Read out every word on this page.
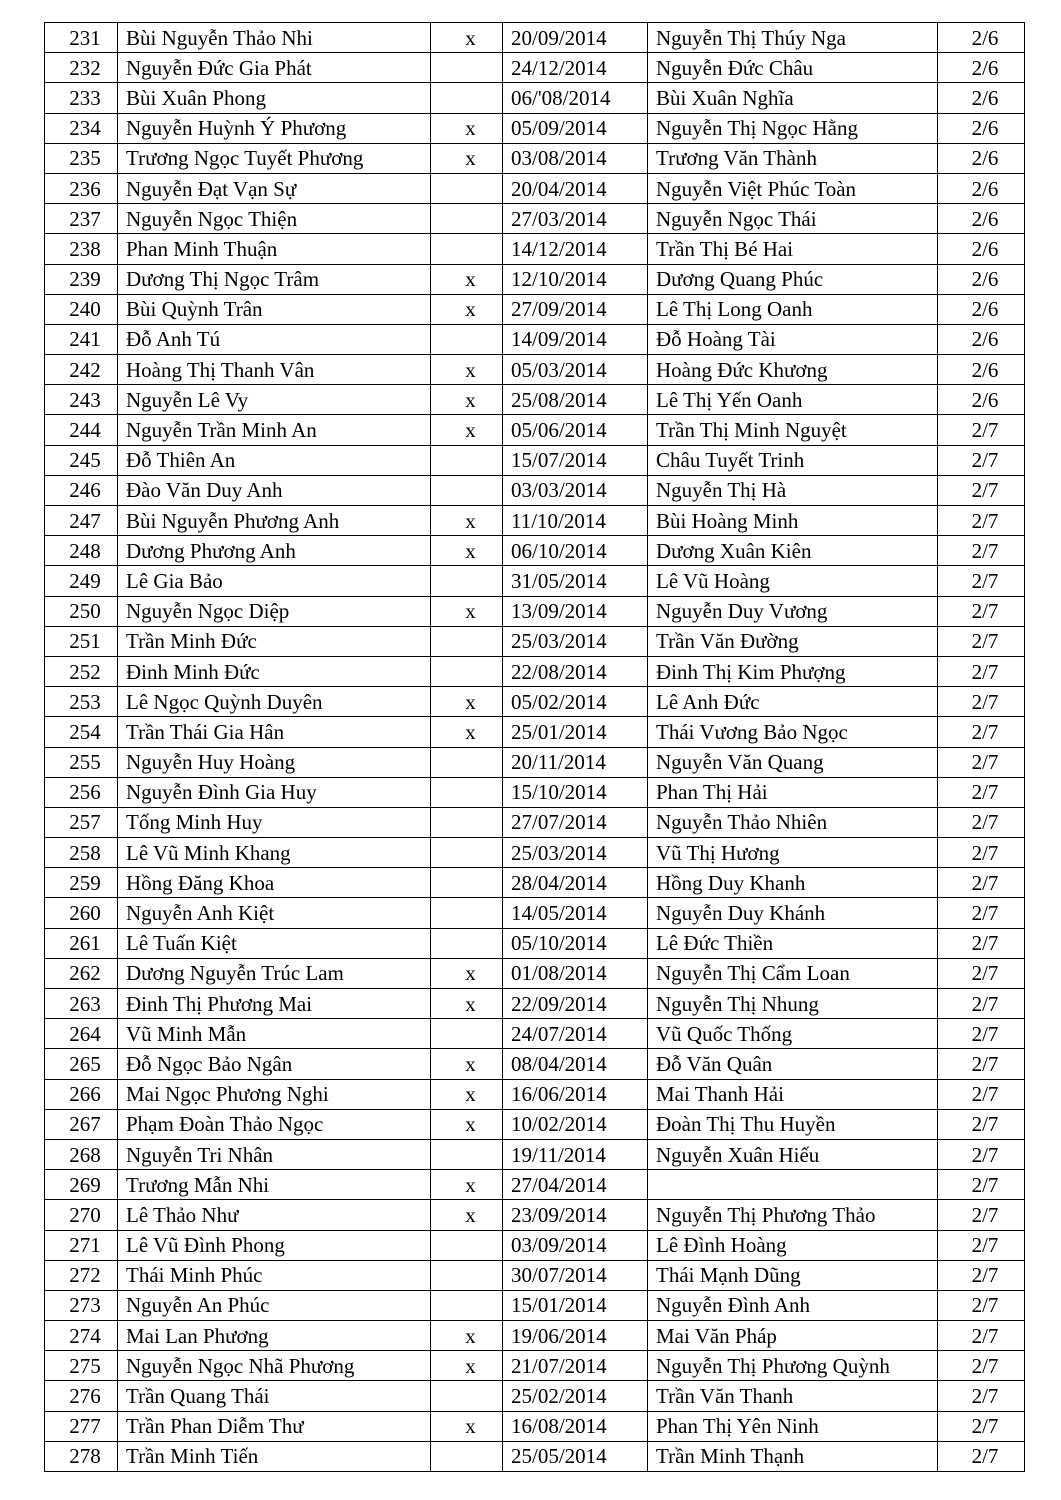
231	Bùi Nguyễn Thảo Nhi	x	20/09/2014	Nguyễn Thị Thúy Nga	2/6
232	Nguyễn Đức Gia Phát		24/12/2014	Nguyễn Đức Châu	2/6
233	Bùi Xuân Phong		06/'08/2014	Bùi Xuân Nghĩa	2/6
234	Nguyễn Huỳnh Ý Phương	x	05/09/2014	Nguyễn Thị Ngọc Hằng	2/6
235	Trương Ngọc Tuyết Phương	x	03/08/2014	Trương Văn Thành	2/6
236	Nguyễn Đạt Vạn Sự		20/04/2014	Nguyễn Việt Phúc Toàn	2/6
237	Nguyễn Ngọc Thiện		27/03/2014	Nguyễn Ngọc Thái	2/6
238	Phan Minh Thuận		14/12/2014	Trần Thị Bé Hai	2/6
239	Dương Thị Ngọc Trâm	x	12/10/2014	Dương Quang Phúc	2/6
240	Bùi Quỳnh Trân	x	27/09/2014	Lê Thị Long Oanh	2/6
241	Đỗ Anh Tú		14/09/2014	Đỗ Hoàng Tài	2/6
242	Hoàng Thị Thanh Vân	x	05/03/2014	Hoàng Đức Khương	2/6
243	Nguyễn Lê Vy	x	25/08/2014	Lê Thị Yến Oanh	2/6
244	Nguyễn Trần Minh An	x	05/06/2014	Trần Thị Minh Nguyệt	2/7
245	Đỗ Thiên An		15/07/2014	Châu Tuyết Trinh	2/7
246	Đào Văn Duy Anh		03/03/2014	Nguyễn Thị Hà	2/7
247	Bùi Nguyễn Phương Anh	x	11/10/2014	Bùi Hoàng Minh	2/7
248	Dương Phương Anh	x	06/10/2014	Dương Xuân Kiên	2/7
249	Lê Gia Bảo		31/05/2014	Lê Vũ Hoàng	2/7
250	Nguyễn Ngọc Diệp	x	13/09/2014	Nguyễn Duy Vương	2/7
251	Trần Minh Đức		25/03/2014	Trần Văn Đường	2/7
252	Đinh Minh Đức		22/08/2014	Đinh Thị Kim Phượng	2/7
253	Lê Ngọc Quỳnh Duyên	x	05/02/2014	Lê Anh Đức	2/7
254	Trần Thái Gia Hân	x	25/01/2014	Thái Vương Bảo Ngọc	2/7
255	Nguyễn Huy Hoàng		20/11/2014	Nguyễn Văn Quang	2/7
256	Nguyễn Đình Gia Huy		15/10/2014	Phan Thị Hải	2/7
257	Tống Minh Huy		27/07/2014	Nguyễn Thảo Nhiên	2/7
258	Lê Vũ Minh Khang		25/03/2014	Vũ Thị Hương	2/7
259	Hồng Đăng Khoa		28/04/2014	Hồng Duy Khanh	2/7
260	Nguyễn Anh Kiệt		14/05/2014	Nguyễn Duy Khánh	2/7
261	Lê Tuấn Kiệt		05/10/2014	Lê Đức Thiền	2/7
262	Dương Nguyễn Trúc Lam	x	01/08/2014	Nguyễn Thị Cẩm Loan	2/7
263	Đinh Thị Phương Mai	x	22/09/2014	Nguyễn Thị Nhung	2/7
264	Vũ Minh Mẫn		24/07/2014	Vũ Quốc Thống	2/7
265	Đỗ Ngọc Bảo Ngân	x	08/04/2014	Đỗ Văn Quân	2/7
266	Mai Ngọc Phương Nghi	x	16/06/2014	Mai Thanh Hải	2/7
267	Phạm Đoàn Thảo Ngọc	x	10/02/2014	Đoàn Thị Thu Huyền	2/7
268	Nguyễn Tri Nhân		19/11/2014	Nguyễn Xuân Hiếu	2/7
269	Trương Mẫn Nhi	x	27/04/2014		2/7
270	Lê Thảo Như	x	23/09/2014	Nguyễn Thị Phương Thảo	2/7
271	Lê Vũ Đình Phong		03/09/2014	Lê Đình Hoàng	2/7
272	Thái Minh Phúc		30/07/2014	Thái Mạnh Dũng	2/7
273	Nguyễn An Phúc		15/01/2014	Nguyễn Đình Anh	2/7
274	Mai Lan Phương	x	19/06/2014	Mai Văn Pháp	2/7
275	Nguyễn Ngọc Nhã Phương	x	21/07/2014	Nguyễn Thị Phương Quỳnh	2/7
276	Trần Quang Thái		25/02/2014	Trần Văn Thanh	2/7
277	Trần Phan Diễm Thư	x	16/08/2014	Phan Thị Yên Ninh	2/7
278	Trần Minh Tiến		25/05/2014	Trần Minh Thạnh	2/7
